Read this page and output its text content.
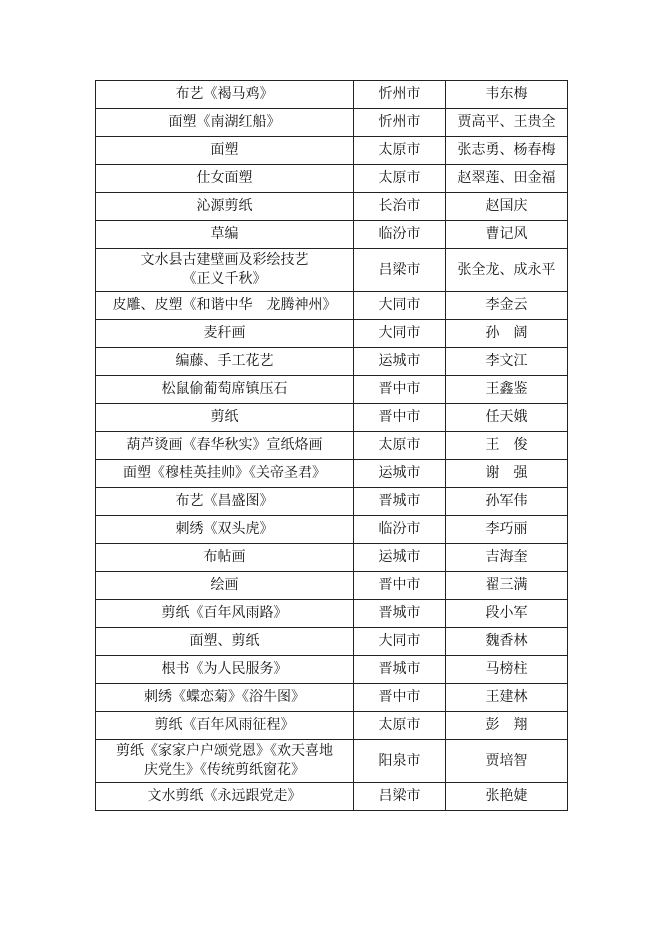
布艺《褐马鸡》	忻州市	韦东梅
面塑《南湖红船》	忻州市	贾高平、王贵全
面塑	太原市	张志勇、杨春梅
仕女面塑	太原市	赵翠莲、田金福
沁源剪纸	长治市	赵国庆
草编	临汾市	曹记风
文水县古建壁画及彩绘技艺
《正义千秋》	吕梁市	张全龙、成永平
皮雕、皮塑《和谐中华　龙腾神州》	大同市	李金云
麦秆画	大同市	孙　阔
编藤、手工花艺	运城市	李文江
松鼠偷葡萄席镇压石	晋中市	王鑫鉴
剪纸	晋中市	任天娥
葫芦烫画《春华秋实》宣纸烙画	太原市	王　俊
面塑《穆桂英挂帅》《关帝圣君》	运城市	谢　强
布艺《昌盛图》	晋城市	孙军伟
刺绣《双头虎》	临汾市	李巧丽
布帖画	运城市	吉海奎
绘画	晋中市	翟三满
剪纸《百年风雨路》	晋城市	段小军
面塑、剪纸	大同市	魏香林
根书《为人民服务》	晋城市	马榜柱
刺绣《蝶恋菊》《浴牛图》	晋中市	王建林
剪纸《百年风雨征程》	太原市	彭　翔
剪纸《家家户户颂党恩》《欢天喜地
庆党生》《传统剪纸窗花》	阳泉市	贾培智
文水剪纸《永远跟党走》	吕梁市	张艳婕
